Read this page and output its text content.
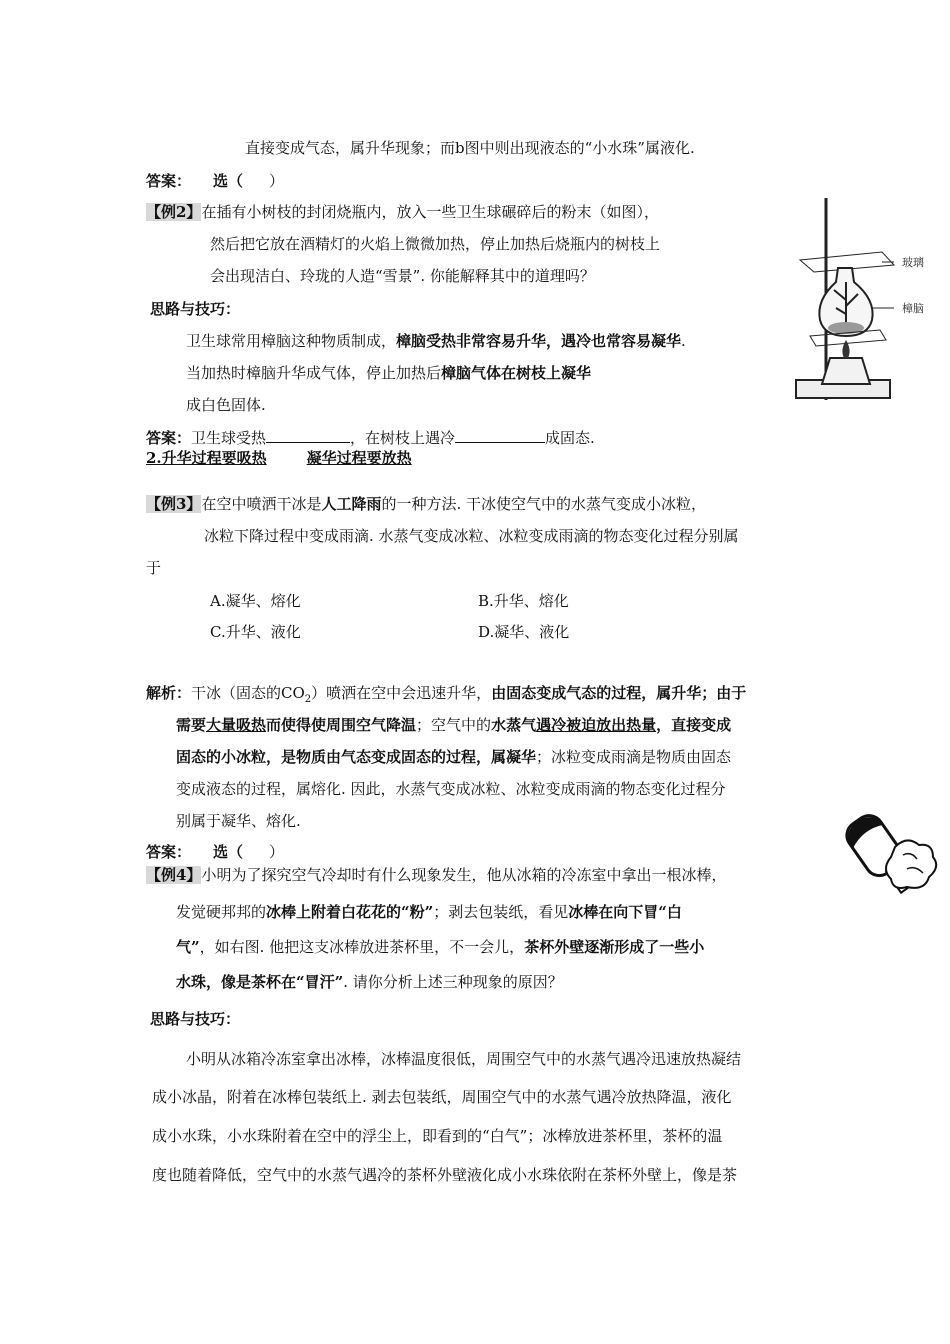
直接变成气态，属升华现象；而b图中则出现液态的“小水珠”属液化.
答案： 选（ ）
【例2】在插有小树枝的封闭烧瓶内，放入一些卫生球碾碎后的粉末（如图），
然后把它放在酒精灯的火焰上微微加热，停止加热后烧瓶内的树枝上
会出现洁白、玲珑的人造“雪景”. 你能解释其中的道理吗？
思路与技巧：
卫生球常用樟脑这种物质制成，樟脑受热非常容易升华，遇冷也常容易凝华.
当加热时樟脑升华成气体，停止加热后樟脑气体在树枝上凝华
成白色固体.
答案：卫生球受热	，在树枝上遇冷	成固态.
2.升华过程要吸热	凝华过程要放热
【例3】在空中喷洒干冰是人工降雨的一种方法. 干冰使空气中的水蒸气变成小冰粒，
冰粒下降过程中变成雨滴. 水蒸气变成冰粒、冰粒变成雨滴的物态变化过程分别属
于
A.凝华、熔化	B.升华、熔化
C.升华、液化	D.凝华、液化
解析：干冰（固态的$CO_2$）喷洒在空中会迅速升华，由固态变成气态的过程，属升华；由于
需要大量吸热而使得使周围空气降温；空气中的水蒸气遇冷被迫放出热量，直接变成
固态的小冰粒，是物质由气态变成固态的过程，属凝华；冰粒变成雨滴是物质由固态
变成液态的过程，属熔化. 因此，水蒸气变成冰粒、冰粒变成雨滴的物态变化过程分
别属于凝华、熔化.
答案： 选（ ）
【例4】小明为了探究空气冷却时有什么现象发生，他从冰箱的冷冻室中拿出一根冰棒，
发觉硬邦邦的冰棒上附着白花花的“粉”；剥去包装纸，看见冰棒在向下冒“白
气”，如右图. 他把这支冰棒放进茶杯里，不一会儿，茶杯外壁逐渐形成了一些小
水珠，像是茶杯在“冒汗”. 请你分析上述三种现象的原因？
思路与技巧：
小明从冰箱冷冻室拿出冰棒，冰棒温度很低，周围空气中的水蒸气遇冷迅速放热凝结
成小冰晶，附着在冰棒包装纸上. 剥去包装纸，周围空气中的水蒸气遇冷放热降温，液化
成小水珠，小水珠附着在空中的浮尘上，即看到的“白气”；冰棒放进茶杯里，茶杯的温
度也随着降低，空气中的水蒸气遇冷的茶杯外壁液化成小水珠依附在茶杯外壁上，像是茶
玻璃
樟脑
